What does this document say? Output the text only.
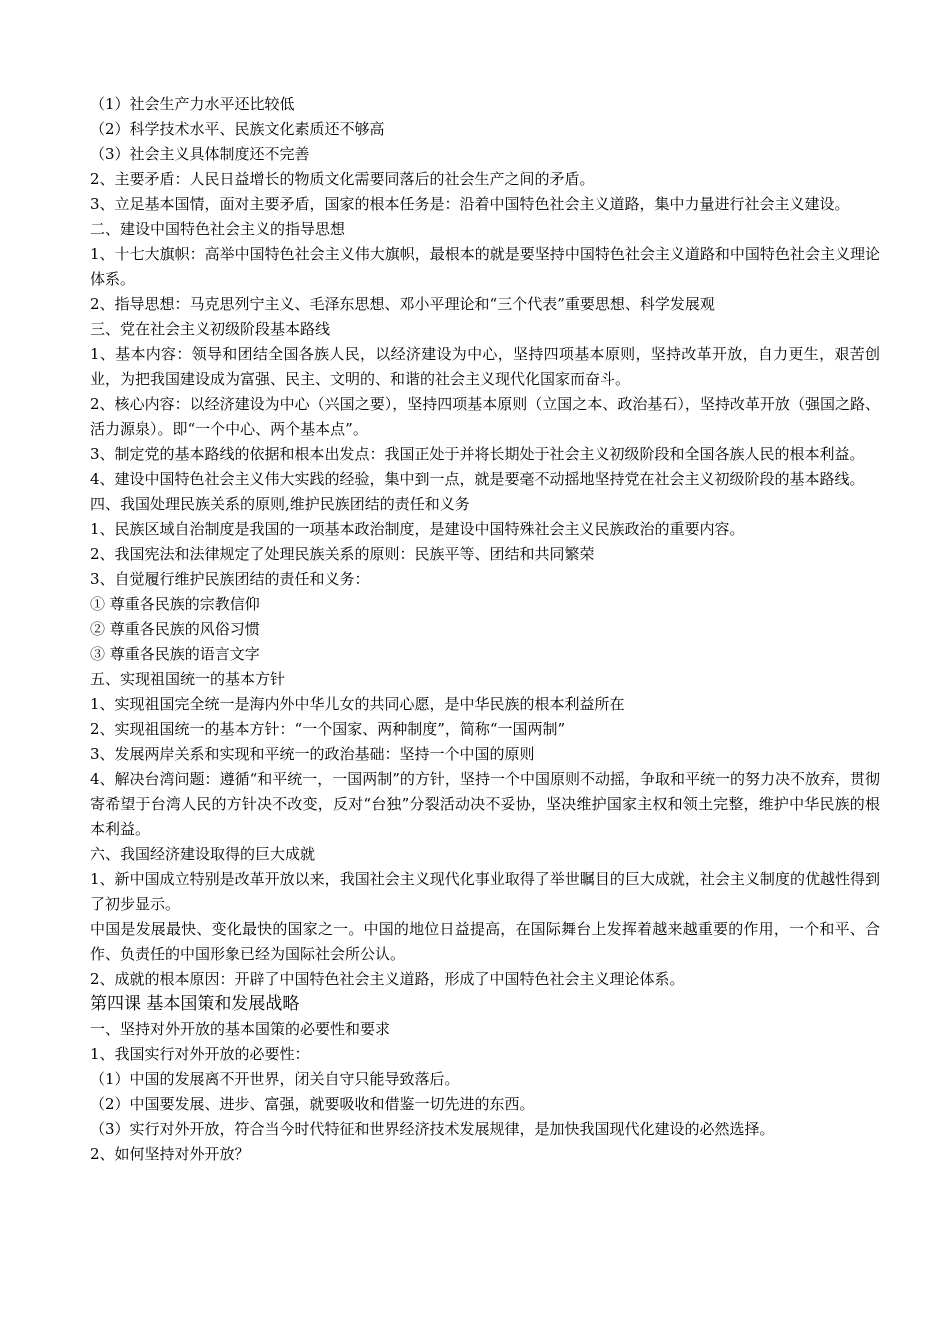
（1）社会生产力水平还比较低

（2）科学技术水平、民族文化素质还不够高

（3）社会主义具体制度还不完善

2、主要矛盾：人民日益增长的物质文化需要同落后的社会生产之间的矛盾。

3、立足基本国情，面对主要矛盾，国家的根本任务是：沿着中国特色社会主义道路，集中力量进行社会主义建设。

二、建设中国特色社会主义的指导思想

1、十七大旗帜：高举中国特色社会主义伟大旗帜，最根本的就是要坚持中国特色社会主义道路和中国特色社会主义理论体系。

2、指导思想：马克思列宁主义、毛泽东思想、邓小平理论和“三个代表”重要思想、科学发展观

三、党在社会主义初级阶段基本路线

1、基本内容：领导和团结全国各族人民，以经济建设为中心，坚持四项基本原则，坚持改革开放，自力更生，艰苦创业，为把我国建设成为富强、民主、文明的、和谐的社会主义现代化国家而奋斗。

2、核心内容：以经济建设为中心（兴国之要），坚持四项基本原则（立国之本、政治基石），坚持改革开放（强国之路、活力源泉）。即“一个中心、两个基本点”。

3、制定党的基本路线的依据和根本出发点：我国正处于并将长期处于社会主义初级阶段和全国各族人民的根本利益。

4、建设中国特色社会主义伟大实践的经验，集中到一点，就是要毫不动摇地坚持党在社会主义初级阶段的基本路线。

四、我国处理民族关系的原则,维护民族团结的责任和义务

1、民族区域自治制度是我国的一项基本政治制度，是建设中国特殊社会主义民族政治的重要内容。

2、我国宪法和法律规定了处理民族关系的原则：民族平等、团结和共同繁荣

3、自觉履行维护民族团结的责任和义务：

① 尊重各民族的宗教信仰

② 尊重各民族的风俗习惯

③ 尊重各民族的语言文字

五、实现祖国统一的基本方针

1、实现祖国完全统一是海内外中华儿女的共同心愿，是中华民族的根本利益所在

2、实现祖国统一的基本方针：“一个国家、两种制度”，简称“一国两制”

3、发展两岸关系和实现和平统一的政治基础：坚持一个中国的原则

4、解决台湾问题：遵循“和平统一，一国两制”的方针，坚持一个中国原则不动摇，争取和平统一的努力决不放弃，贯彻寄希望于台湾人民的方针决不改变，反对“台独”分裂活动决不妥协，坚决维护国家主权和领土完整，维护中华民族的根本利益。

六、我国经济建设取得的巨大成就

1、新中国成立特别是改革开放以来，我国社会主义现代化事业取得了举世瞩目的巨大成就，社会主义制度的优越性得到了初步显示。

中国是发展最快、变化最快的国家之一。中国的地位日益提高，在国际舞台上发挥着越来越重要的作用，一个和平、合作、负责任的中国形象已经为国际社会所公认。

2、成就的根本原因：开辟了中国特色社会主义道路，形成了中国特色社会主义理论体系。

第四课 基本国策和发展战略

一、坚持对外开放的基本国策的必要性和要求

1、我国实行对外开放的必要性：

（1）中国的发展离不开世界，闭关自守只能导致落后。

（2）中国要发展、进步、富强，就要吸收和借鉴一切先进的东西。

（3）实行对外开放，符合当今时代特征和世界经济技术发展规律，是加快我国现代化建设的必然选择。

2、如何坚持对外开放？
